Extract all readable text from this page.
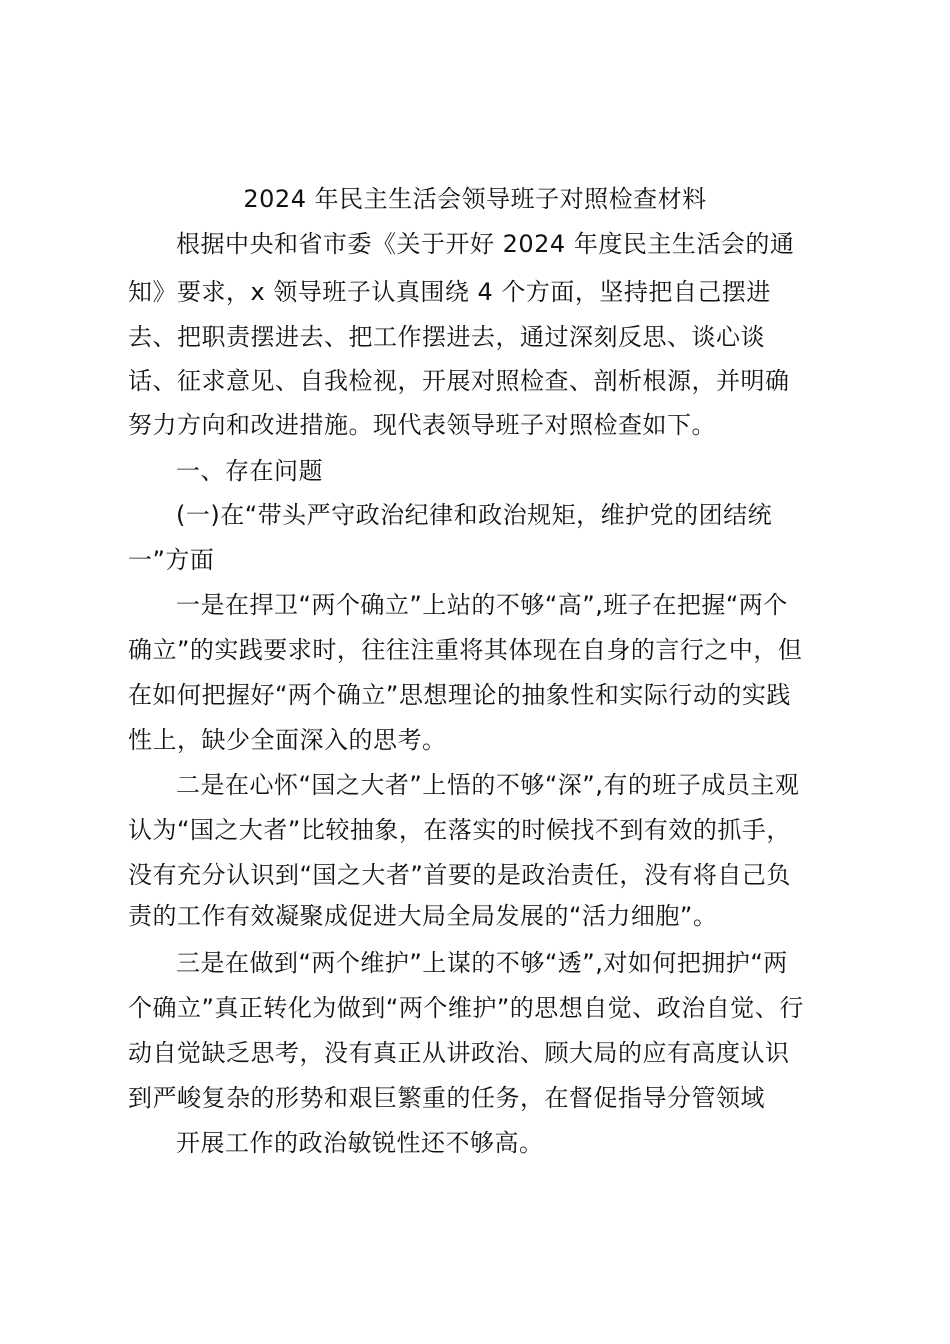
2024 年民主生活会领导班子对照检查材料
根据中央和省市委《关于开好 2024 年度民主生活会的通
知》要求，x 领导班子认真围绕 4 个方面，坚持把自己摆进
去、把职责摆进去、把工作摆进去，通过深刻反思、谈心谈
话、征求意见、自我检视，开展对照检查、剖析根源，并明确
努力方向和改进措施。现代表领导班子对照检查如下。
一、存在问题
(一)在“带头严守政治纪律和政治规矩，维护党的团结统
一”方面
一是在捍卫“两个确立”上站的不够“高”,班子在把握“两个
确立”的实践要求时，往往注重将其体现在自身的言行之中，但
在如何把握好“两个确立”思想理论的抽象性和实际行动的实践
性上，缺少全面深入的思考。
二是在心怀“国之大者”上悟的不够“深”,有的班子成员主观
认为“国之大者”比较抽象，在落实的时候找不到有效的抓手，
没有充分认识到“国之大者”首要的是政治责任，没有将自己负
责的工作有效凝聚成促进大局全局发展的“活力细胞”。
三是在做到“两个维护”上谋的不够“透”,对如何把拥护“两
个确立”真正转化为做到“两个维护”的思想自觉、政治自觉、行
动自觉缺乏思考，没有真正从讲政治、顾大局的应有高度认识
到严峻复杂的形势和艰巨繁重的任务，在督促指导分管领域
开展工作的政治敏锐性还不够高。
